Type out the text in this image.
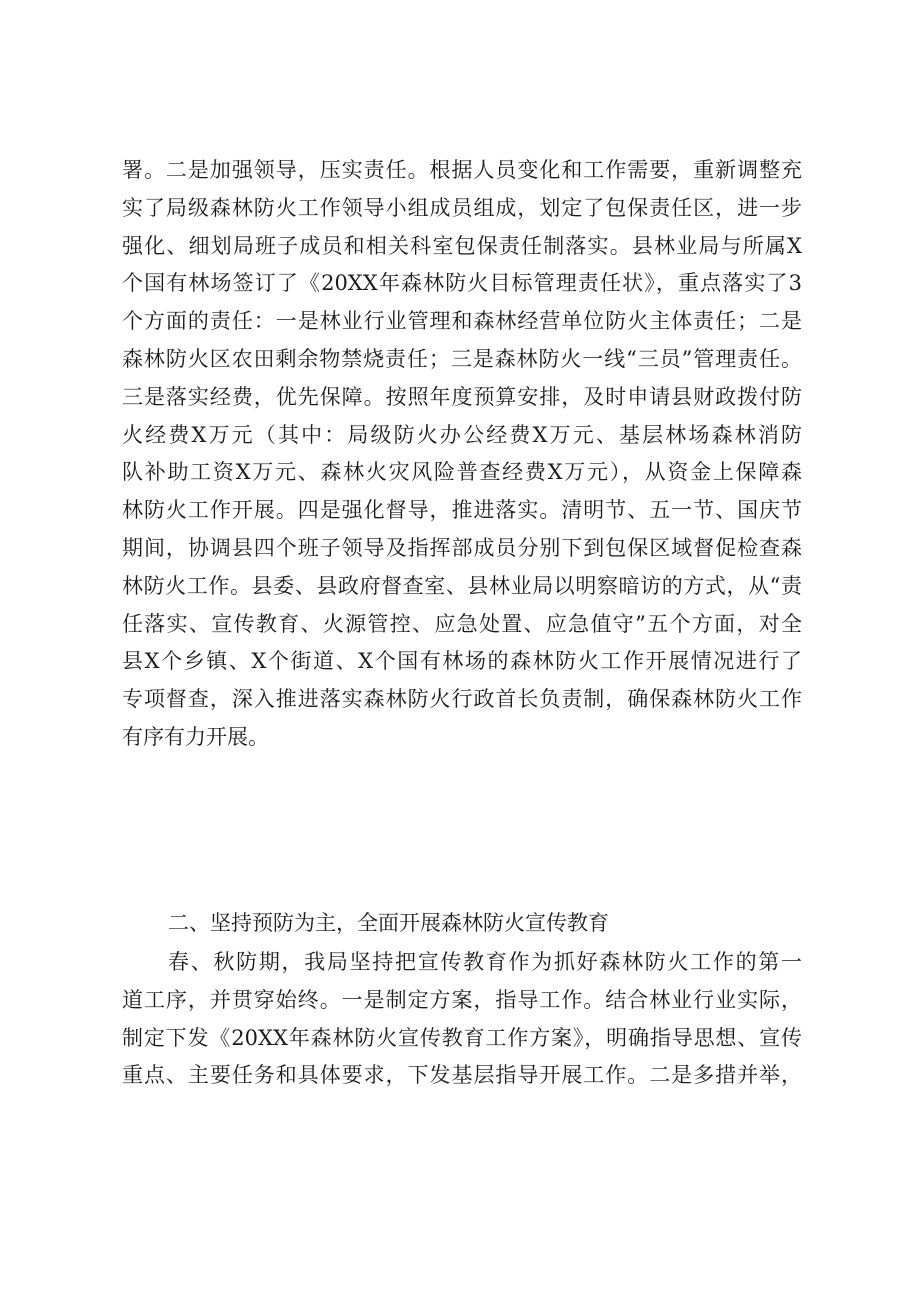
署。二是加强领导，压实责任。根据人员变化和工作需要，重新调整充
实了局级森林防火工作领导小组成员组成，划定了包保责任区，进一步
强化、细划局班子成员和相关科室包保责任制落实。县林业局与所属X
个国有林场签订了《20XX年森林防火目标管理责任状》，重点落实了3
个方面的责任：一是林业行业管理和森林经营单位防火主体责任；二是
森林防火区农田剩余物禁烧责任；三是森林防火一线“三员”管理责任。
三是落实经费，优先保障。按照年度预算安排，及时申请县财政拨付防
火经费X万元（其中：局级防火办公经费X万元、基层林场森林消防
队补助工资X万元、森林火灾风险普查经费X万元），从资金上保障森
林防火工作开展。四是强化督导，推进落实。清明节、五一节、国庆节
期间，协调县四个班子领导及指挥部成员分别下到包保区域督促检查森
林防火工作。县委、县政府督查室、县林业局以明察暗访的方式，从“责
任落实、宣传教育、火源管控、应急处置、应急值守”五个方面，对全
县X个乡镇、X个街道、X个国有林场的森林防火工作开展情况进行了
专项督查，深入推进落实森林防火行政首长负责制，确保森林防火工作
有序有力开展。
二、坚持预防为主，全面开展森林防火宣传教育
春、秋防期，我局坚持把宣传教育作为抓好森林防火工作的第一
道工序，并贯穿始终。一是制定方案，指导工作。结合林业行业实际，
制定下发《20XX年森林防火宣传教育工作方案》，明确指导思想、宣传
重点、主要任务和具体要求，下发基层指导开展工作。二是多措并举，
